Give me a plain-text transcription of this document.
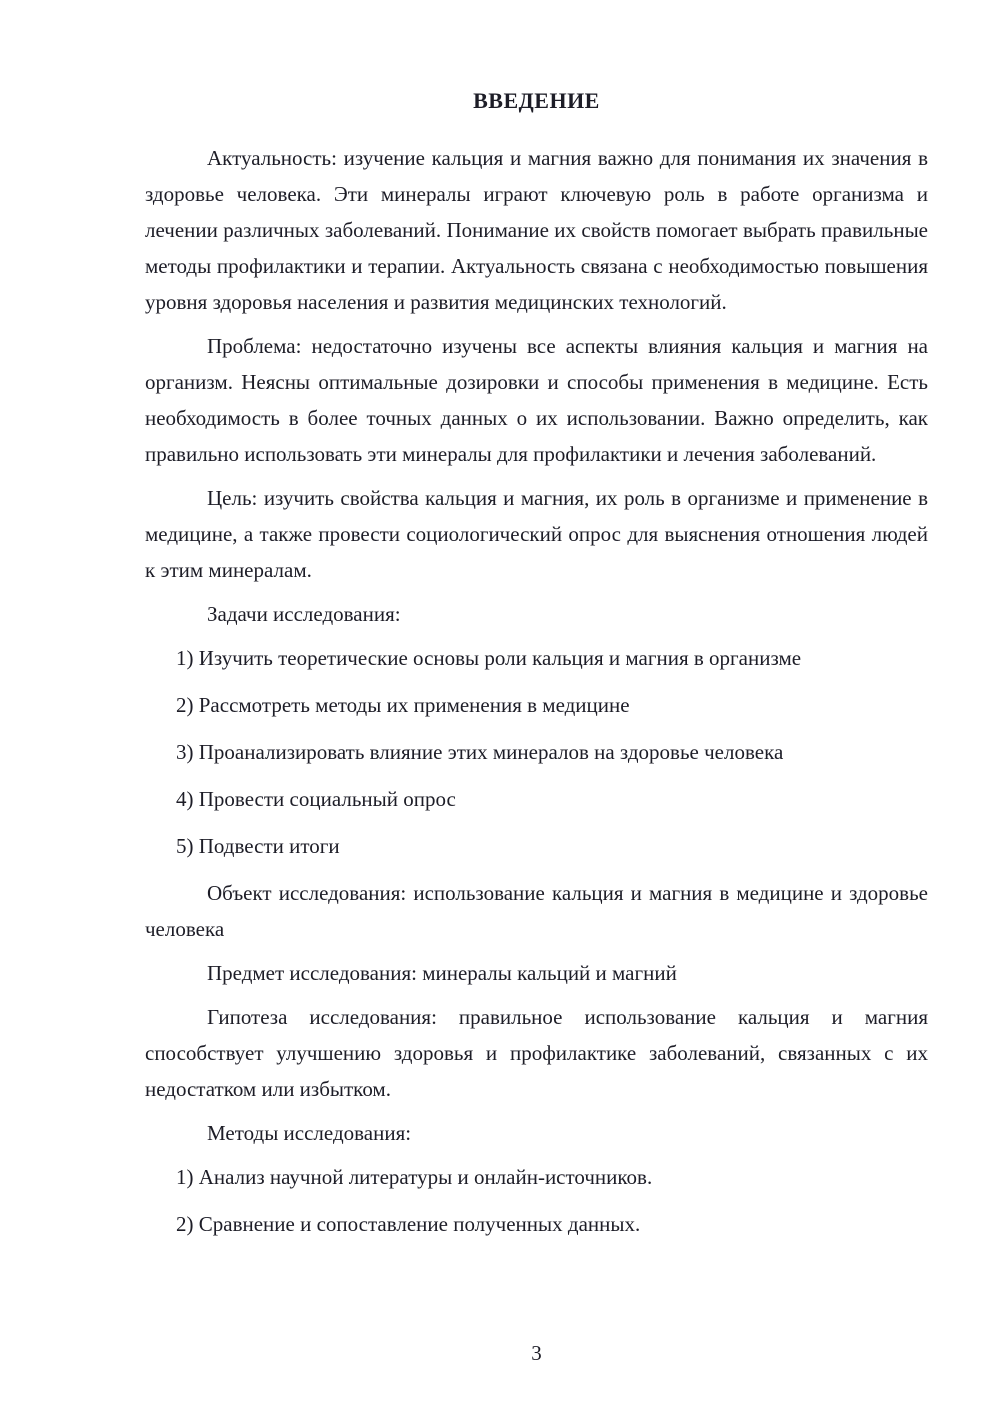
ВВЕДЕНИЕ

Актуальность: изучение кальция и магния важно для понимания их значения в здоровье человека. Эти минералы играют ключевую роль в работе организма и лечении различных заболеваний. Понимание их свойств помогает выбрать правильные методы профилактики и терапии. Актуальность связана с необходимостью повышения уровня здоровья населения и развития медицинских технологий.

Проблема: недостаточно изучены все аспекты влияния кальция и магния на организм. Неясны оптимальные дозировки и способы применения в медицине. Есть необходимость в более точных данных о их использовании. Важно определить, как правильно использовать эти минералы для профилактики и лечения заболеваний.

Цель: изучить свойства кальция и магния, их роль в организме и применение в медицине, а также провести социологический опрос для выяснения отношения людей к этим минералам.

Задачи исследования:

1) Изучить теоретические основы роли кальция и магния в организме

2) Рассмотреть методы их применения в медицине

3) Проанализировать влияние этих минералов на здоровье человека

4) Провести социальный опрос

5) Подвести итоги

Объект исследования: использование кальция и магния в медицине и здоровье человека

Предмет исследования: минералы кальций и магний

Гипотеза исследования: правильное использование кальция и магния способствует улучшению здоровья и профилактике заболеваний, связанных с их недостатком или избытком.

Методы исследования:

1) Анализ научной литературы и онлайн-источников.

2) Сравнение и сопоставление полученных данных.

3
